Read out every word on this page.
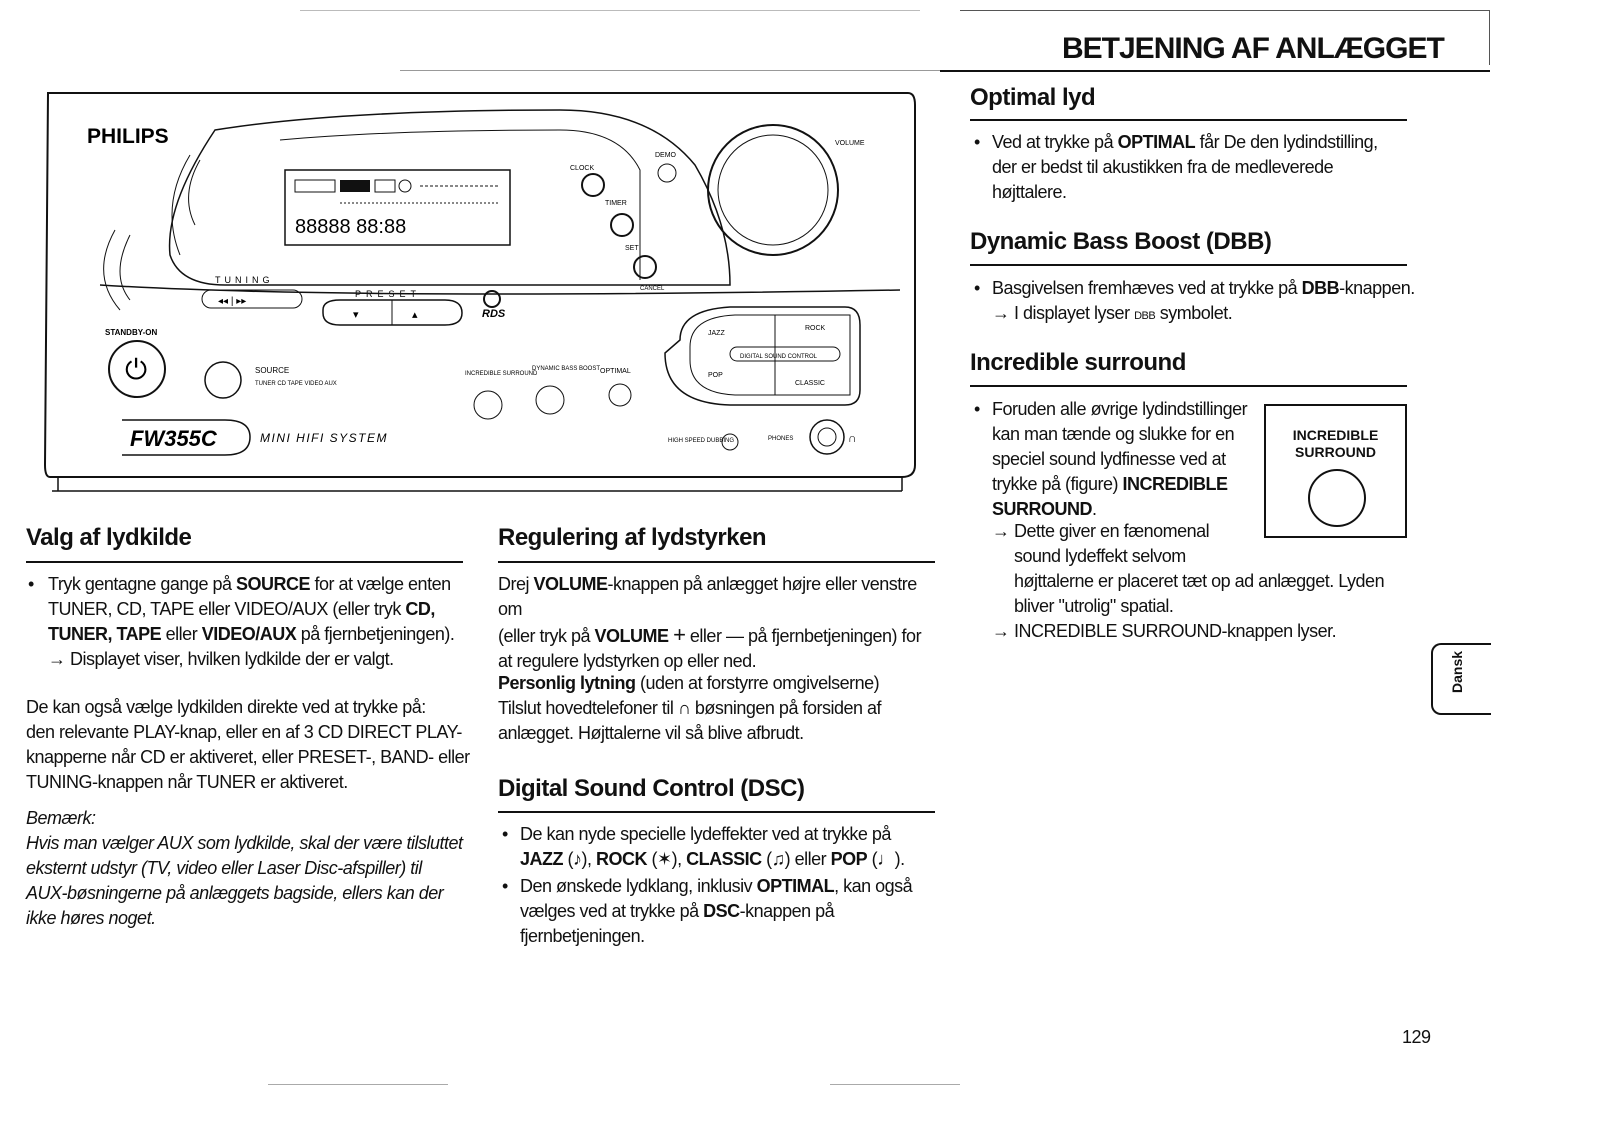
BETJENING AF ANLÆGGET
PHILIPS
88888 88:88
TUNING
◂◂ | ▸▸
PRESET
▾	▴	RDS
STANDBY-ON
⏻	SOURCE
TUNER CD TAPE VIDEO AUX
INCREDIBLE SURROUND
DYNAMIC BASS BOOST OPTIMAL
DIGITAL SOUND CONTROL
JAZZ
ROCK
POP
CLASSIC
VOLUME
DEMO
CLOCK
TIMER
SET
CANCEL
FW355C	MINI HIFI SYSTEM	HIGH SPEED DUBBING	PHONES	∩
Valg af lydkilde
• Tryk gentagne gange på SOURCE for at vælge enten
TUNER, CD, TAPE eller VIDEO/AUX (eller tryk CD,
TUNER, TAPE eller VIDEO/AUX på fjernbetjeningen).
→ Displayet viser, hvilken lydkilde der er valgt.
De kan også vælge lydkilden direkte ved at trykke på:
den relevante PLAY-knap, eller en af 3 CD DIRECT PLAY-
knapperne når CD er aktiveret, eller PRESET-, BAND- eller
TUNING-knappen når TUNER er aktiveret.
Bemærk:
Hvis man vælger AUX som lydkilde, skal der være tilsluttet
eksternt udstyr (TV, video eller Laser Disc-afspiller) til
AUX-bøsningerne på anlæggets bagside, ellers kan der
ikke høres noget.
Regulering af lydstyrken
Drej VOLUME-knappen på anlægget højre eller venstre om
(eller tryk på VOLUME + eller — på fjernbetjeningen) for
at regulere lydstyrken op eller ned.
Personlig lytning (uden at forstyrre omgivelserne)
Tilslut hovedtelefoner til ∩ bøsningen på forsiden af
anlægget. Højttalerne vil så blive afbrudt.
Digital Sound Control (DSC)
• De kan nyde specielle lydeffekter ved at trykke på
JAZZ (♪), ROCK (✶), CLASSIC (♫) eller POP (♩).
• Den ønskede lydklang, inklusiv OPTIMAL, kan også
vælges ved at trykke på DSC-knappen på
fjernbetjeningen.
Optimal lyd
• Ved at trykke på OPTIMAL får De den lydindstilling,
der er bedst til akustikken fra de medleverede
højttalere.
Dynamic Bass Boost (DBB)
• Basgivelsen fremhæves ved at trykke på DBB-knappen.
→ I displayet lyser DBB symbolet.
Incredible surround
• Foruden alle øvrige lydindstillinger
kan man tænde og slukke for en
speciel sound lydfinesse ved at
trykke på (figure) INCREDIBLE
SURROUND.
→ Dette giver en fænomenal
sound lydeffekt selvom
højttalerne er placeret tæt op ad anlægget. Lyden
bliver "utrolig" spatial.
→ INCREDIBLE SURROUND-knappen lyser.
INCREDIBLE
SURROUND
Dansk
129
